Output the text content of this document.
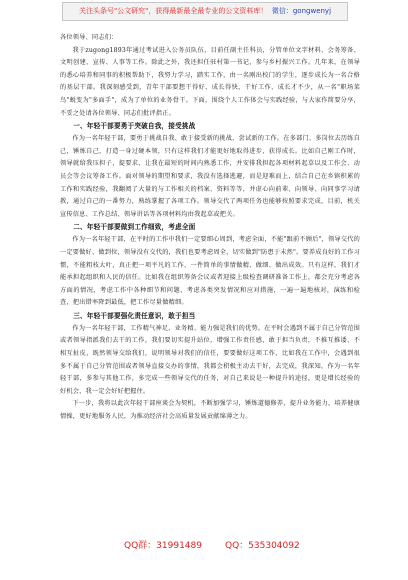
关注头条号"公文研究"，获得最新最全最专业的公文资料库！ 微信：gongwenyj

各位领导、同志们：

我于zugong1893年通过考试进入公务员队伍，目前任副主任科员，分管单位文字材料、会务筹备、文明创建、宣传、人事等工作。除此之外，我还担任驻村第一书记，参与乡村振兴工作。几年来，在领导的悉心培养和同事的积极帮助下，我努力学习，踏实工作，由一名刚出校门的学生，逐步成长为一名合格的基层干部。我深刻感受到，青年干部要想干得好、成长得快，干好工作、成长才不少，从一名"职场菜鸟"蜕变为"多面手"，成为了单位的业务骨干。下面，围绕个人工作体会与实践经验，与大家作简要分享，不妥之处请各位领导、同志们批评指正。

一、年轻干部要勇于突破自我，接受挑战

作为一名年轻干部，要勇于挑战自我、敢于接受新的挑战，尝试新的工作。在多部门、多岗位去历练自己，锤炼自己，打造一身过硬本领，只有这样我们才能更好地取得进步、获得成长。比如自己刚工作时，领导就给我压担子，提要求，让我在最短的时间内熟悉工作，并安排我担起各项材料起草以及工作会、动员会等会议筹备工作。面对领导的期望和要求，我没有选择逃避，而是迎难而上，结合自己在乡镇积累的工作和实践经验，我翻阅了大量的与工作相关的档案、资料等等，并虚心向前辈、向领导、向同事学习请教，通过自己的一番努力，熟练掌握了各项工作。领导交代了两项任务也能够按照要求完成，目前，机关宣传信息、工作总结、领导讲话等各项材料均由我起草或把关。

二、年轻干部要做到工作细致，考虑全面

作为一名年轻干部，在平时的工作中我们一定要细心周到，考虑全面，不能"跟前不顾后"，领导交代的一定要做好、做到位，领导没有交代的，我们也要考虑周全，切实做到"防患于未然"。要养成良好的工作习惯，不能粗枝大叶，真正把一项平凡的工作、一件简单的事情做精、做细、做出成效。只有这样，我们才能承担起组织和人民的信任。比如我在组织筹备会议或者迎接上级检查调研准备工作上，都会充分考虑各方面的情况，考虑工作中各种细节和问题，考虑各类突发情况和应对措施，一遍一遍地核对，演练和检查，把出错率降到最低，把工作尽量做精细。

三、年轻干部要强化责任意识，敢于担当

作为一名年轻干部，工作精气神足、业务精、能力强是我们的优势。在平时会遇到不属于自己分管范围或者领导指派我们去干的工作，我们要切实提升站位，增强工作责任感，敢于担当负责，不推互推诿、不相互扯皮，既然领导交给我们，说明领导对我们的信任，要要做好这项工作，比如我在工作中，会遇到很多不属于自己分管范围或者领导直接交办的事情，我都会积极主动去干好，去完成，我深知，作为一名年轻干部，多参与其他工作，多完成一些领导交代的任务，对自己来说是一种提升的途径，更是增长经验的好机会，我一定会好好把握住。

下一步，我将以此次年轻干部座谈会为契机，不断加强学习，锤炼道德修养，提升业务能力，培养健康情操，更好地服务人民，为推动经济社会高质量发展贡献绵薄之力。

QQ群：31991489	QQ：535304092
